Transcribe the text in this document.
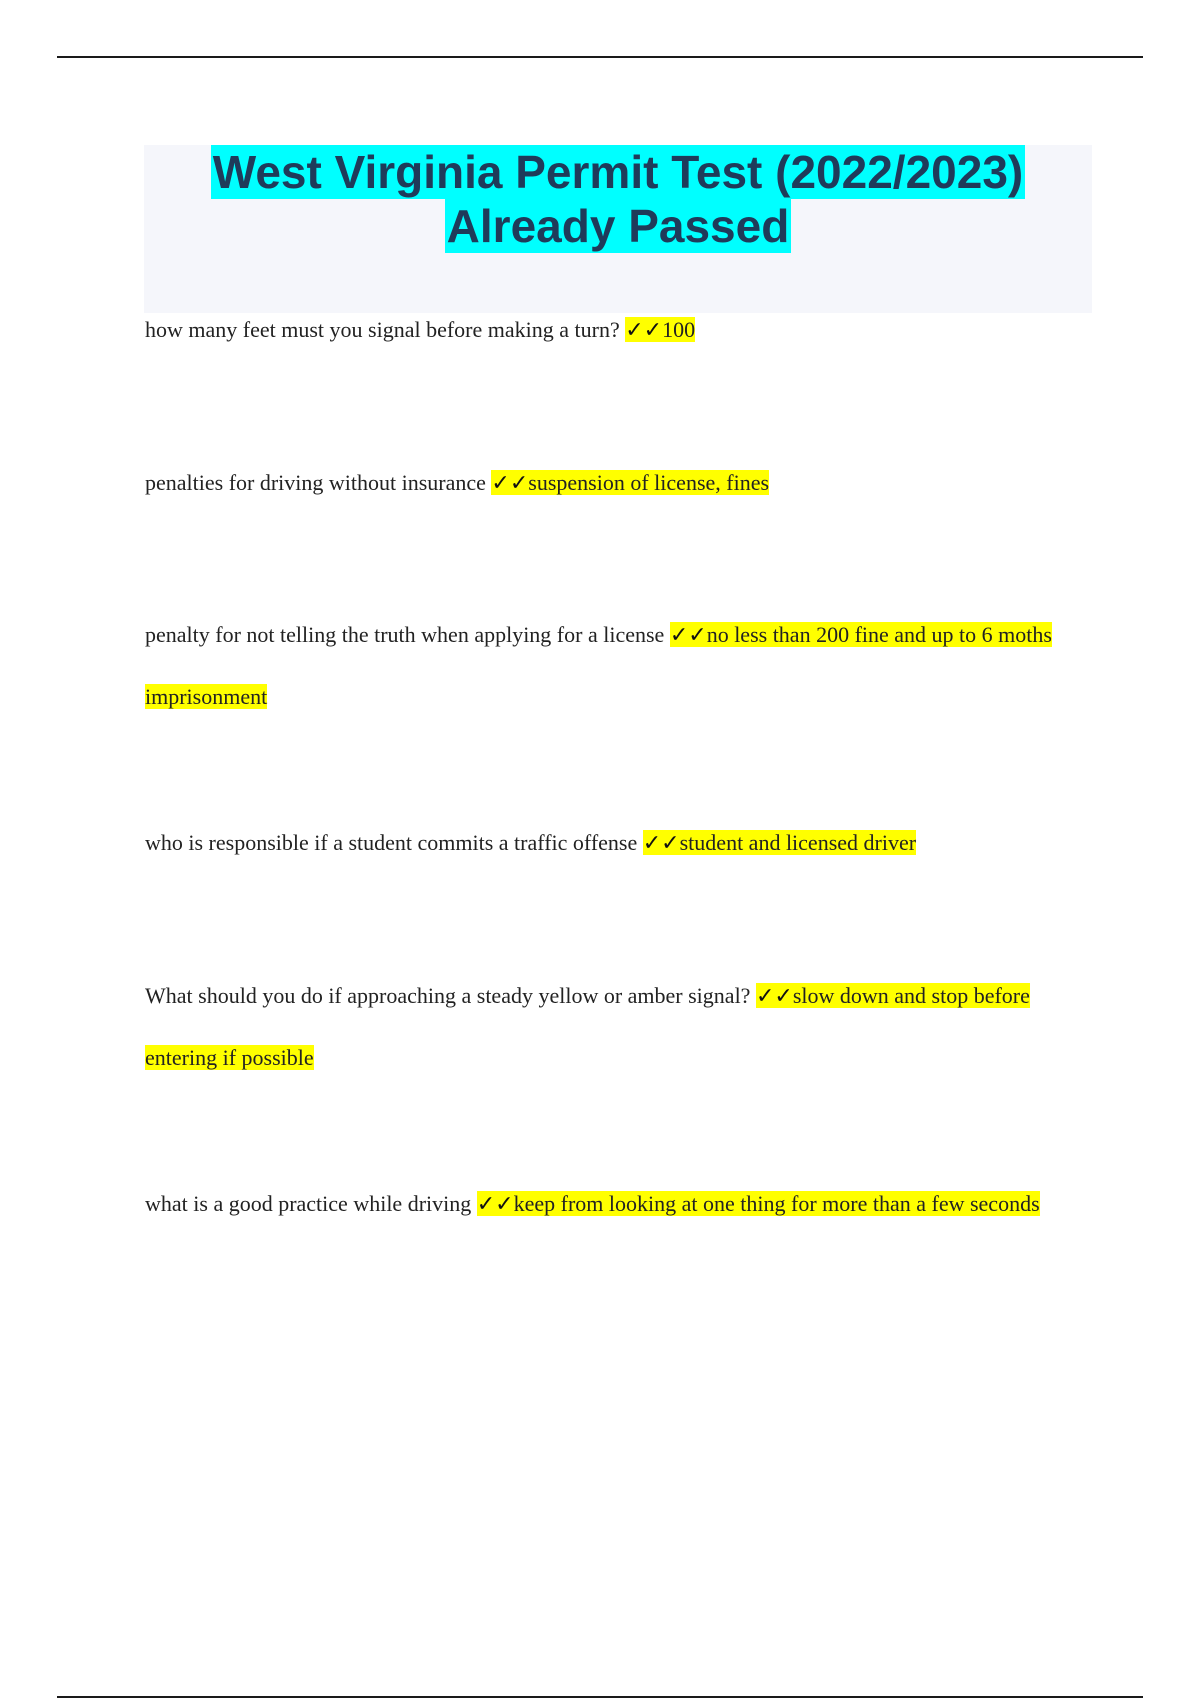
West Virginia Permit Test (2022/2023)
Already Passed
how many feet must you signal before making a turn? ✓✓100
penalties for driving without insurance ✓✓suspension of license, fines
penalty for not telling the truth when applying for a license ✓✓no less than 200 fine and up to 6 moths imprisonment
who is responsible if a student commits a traffic offense ✓✓student and licensed driver
What should you do if approaching a steady yellow or amber signal? ✓✓slow down and stop before entering if possible
what is a good practice while driving ✓✓keep from looking at one thing for more than a few seconds
